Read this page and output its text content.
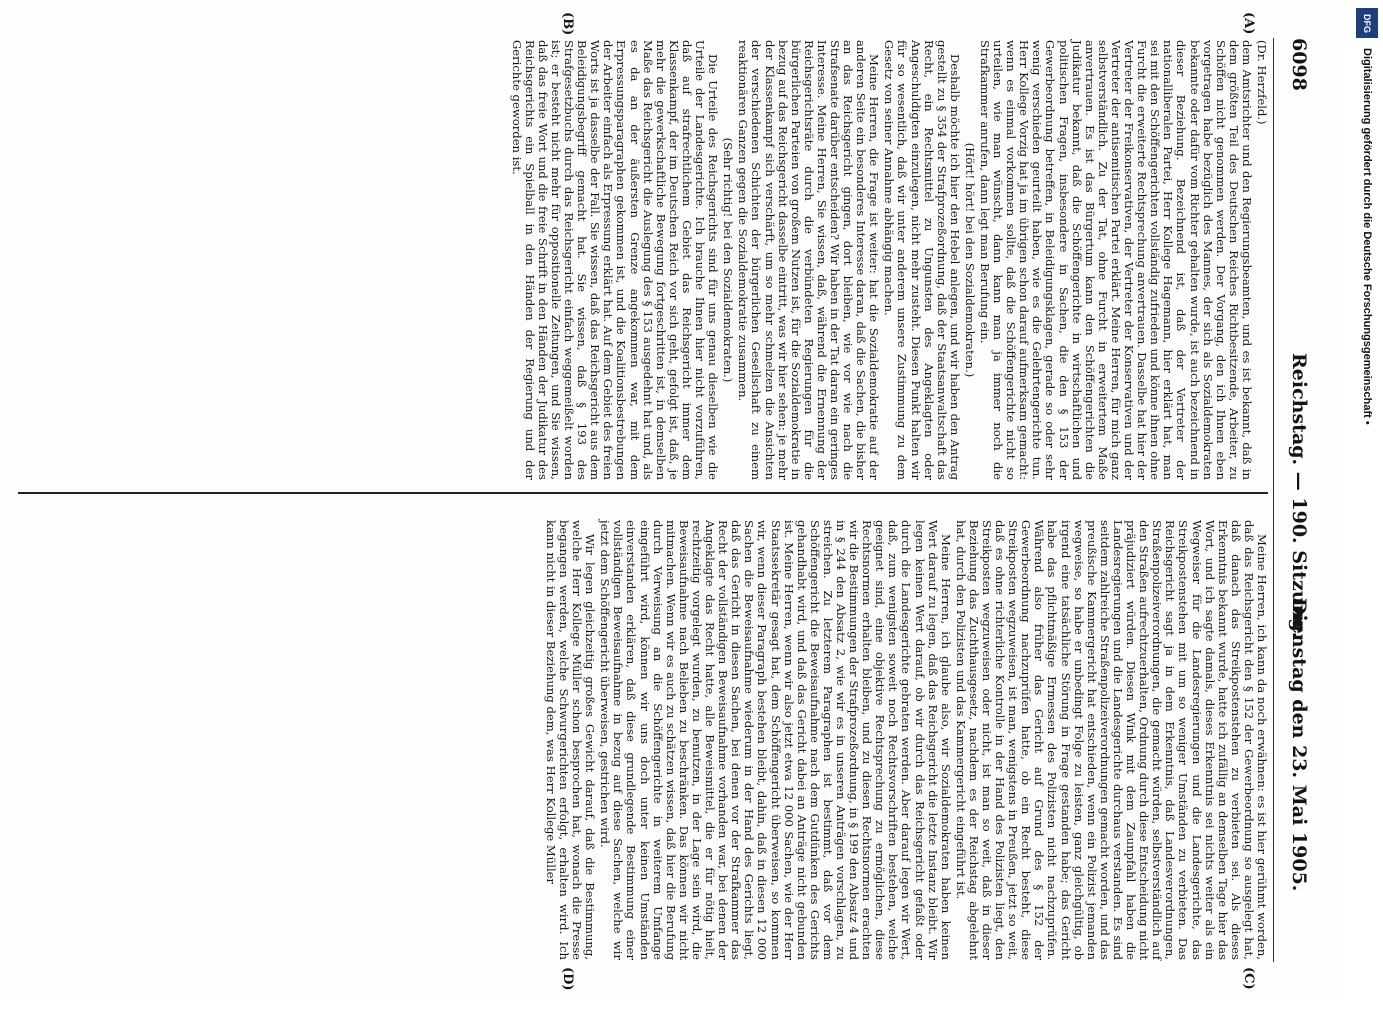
6098
Reichstag. — 190. Sitzung.
Dienstag den 23. Mai 1905.
(A)
(B)
(C)
(D)

(Dr. Herzfeld.)

dem Amtsrichter und den Regierungsbeamten, und es ist bekannt, daß in dem größten Teil des Deutschen Reiches Richtbesitzende, Arbeiter, zu Schöffen nicht genommen werden. Der Vorgang, den ich Ihnen eben vorgetragen habe bezüglich des Mannes, der sich als Sozialdemokraten bekannte oder dafür vom Richter gehalten wurde, ist auch bezeichnend in dieser Beziehung. Bezeichnend ist, daß der Vertreter der nationalliberalen Partei, Herr Kollege Hagemann, hier erklärt hat, man sei mit den Schöffengerichten vollständig zufrieden und könne ihnen ohne Furcht die erweiterte Rechtsprechung anvertrauen. Dasselbe hat hier der Vertreter der Freikonservativen, der Vertreter der Konservativen und der Vertreter der antisemitischen Partei erklärt. Meine Herren, für mich ganz selbstverständlich. Zu der Tat, ohne Furcht in erweitertem Maße anvertrauen. Es ist das Bürgertum kann den Schöffengerichten die Judikatur bekannt, daß die Schöffengerichte in wirtschaftlichen und politischen Fragen, insbesondere in Sachen, die den § 153 der Gewerbeordnung betreffen, in Beleidigungsklagen, gerade so oder sehr wenig verschieden geurteilt haben, wie es die Gelehrtengerichte tun. Herr Kollege Vorzig hat ja im übrigen schon darauf aufmerksam gemacht: wenn es einmal vorkommen sollte, daß die Schöffengerichte nicht so urteilen, wie man wünscht, dann kann man ja immer noch die Strafkammer anrufen, dann legt man Berufung ein.

(Hört! hört! bei den Sozialdemokraten.)

Deshalb möchte ich hier den Hebel anlegen, und wir haben den Antrag gestellt zu § 354 der Strafprozeßordnung, daß der Staatsanwaltschaft das Recht, ein Rechtsmittel zu Ungunsten des Angeklagten oder Angeschuldigten einzulegen, nicht mehr zusteht. Diesen Punkt halten wir für so wesentlich, daß wir unter anderem unsere Zustimmung zu dem Gesetz von seiner Annahme abhängig machen.

Meine Herren, die Frage ist weiter: hat die Sozialdemokratie auf der anderen Seite ein besonderes Interesse daran, daß die Sachen, die bisher an das Reichsgericht gingen, dort bleiben, wie vor wie nach die Strafsenate darüber entscheiden? Wir haben in der Tat daran ein geringes Interesse. Meine Herren, Sie wissen, daß, während die Ernennung der Reichsgerichtsräte durch die verbündeten Regierungen für die bürgerlichen Parteien von großem Nutzen ist, für die Sozialdemokratie in bezug auf das Reichsgericht dasselbe eintritt, was wir hier sehen: je mehr der Klassenkampf sich verschärft, um so mehr schmelzen die Ansichten der verschiedenen Schichten der bürgerlichen Gesellschaft zu einem reaktionären Ganzen gegen die Sozialdemokratie zusammen.

(Sehr richtig! bei den Sozialdemokraten.)

Die Urteile des Reichsgerichts sind für uns genau dieselben wie die Urteile der Landesgerichte. Ich brauche Ihnen hier nicht vorzuführen, daß auf strafrechtlichem Gebiet das Reichsgericht immer dem Klassenkampf, der im Deutschen Reich vor sich geht, gefolgt ist, daß, je mehr die gewerkschaftliche Bewegung fortgeschritten ist, in demselben Maße das Reichsgericht die Auslegung des § 153 ausgedehnt hat und, als es da an der äußersten Grenze angekommen war, mit dem Erpressungsparagraphen gekommen ist, und die Koalitionsbestrebungen der Arbeiter einfach als Erpressung erklärt hat. Auf dem Gebiet des freien Worts ist ja dasselbe der Fall. Sie wissen, daß das Reichsgericht aus dem Beleidigungsbegriff gemacht hat. Sie wissen, daß § 193 des Strafgesetzbuchs durch das Reichsgericht einfach weggemeißelt worden ist; er besteht nicht mehr für oppositionelle Zeitungen, und Sie wissen, daß das freie Wort und die freie Schrift in den Händen der Judikatur des Reichsgerichts ein Spielball in den Händen der Regierung und der Gerichte geworden ist.

Meine Herren, ich kann da noch erwähnen: es ist hier gerühmt worden, daß das Reichsgericht den § 152 der Gewerbeordnung so ausgelegt hat, daß danach das Streikpostenstehen zu verbieten sei. Als dieses Erkenntnis bekannt wurde, hatte ich zufällig an demselben Tage hier das Wort, und ich sagte damals, dieses Erkenntnis sei nichts weiter als ein Wegweiser für die Landesregierungen und die Landesgerichte, das Streikpostenstehen mit um so weniger Umständen zu verbieten. Das Reichsgericht sagt ja in dem Erkenntnis, daß Landesverordnungen, Straßenpolizeiverordnungen, die gemacht würden, selbstverständlich auf den Straßen aufrechtzuerhalten, Ordnung durch diese Entscheidung nicht präjudiziert würden. Diesen Wink mit dem Zaunpfahl haben die Landesregierungen und die Landesgerichte durchaus verstanden. Es sind seitdem zahlreiche Straßenpolizeiverordnungen gemacht worden, und das preußische Kammergericht hat entschieden, wenn ein Polizist jemanden wegweise, so habe er unbedingt Folge zu leisten, ganz gleichgültig, ob irgend eine tatsächliche Störung in Frage gestanden habe; das Gericht habe das pflichtmäßige Ermessen des Polizisten nicht nachzuprüfen. Während also früher das Gericht auf Grund des § 152 der Gewerbeordnung nachzuprüfen hatte, ob ein Recht besteht, diese Streikposten wegzuweisen, ist man, wenigstens in Preußen, jetzt so weit, daß es ohne richterliche Kontrolle in der Hand des Polizisten liegt, den Streikposten wegzuweisen oder nicht, ist man so weit, daß in dieser Beziehung das Zuchthausgesetz, nachdem es der Reichstag abgelehnt hat, durch den Polizisten und das Kammergericht eingeführt ist.

Meine Herren, ich glaube also, wir Sozialdemokraten haben keinen Wert darauf zu legen, daß das Reichsgericht die letzte Instanz bleibt. Wir legen keinen Wert darauf, ob wir durch das Reichsgericht gefaßt oder durch die Landesgerichte gebraten werden. Aber darauf legen wir Wert, daß, zum wenigsten soweit noch Rechtsvorschriften bestehen, welche geeignet sind, eine objektive Rechtsprechung zu ermöglichen, diese Rechtsnormen erhalten bleiben, und zu diesen Rechtsnormen erachten wir die Bestimmungen der Strafprozeßordnung, in § 199 den Absatz 4 und in § 244 den Absatz 2, wie wir es in unseren Anträgen vorschlagen, zu streichen. Zu letzterem Paragraphen ist bestimmt, daß vor dem Schöffengericht die Beweisaufnahme nach dem Gutdünken des Gerichts gehandhabt wird, und daß das Gericht dabei an Anträge nicht gebunden ist. Meine Herren, wenn wir also jetzt etwa 12 000 Sachen, wie der Herr Staatssekretär gesagt hat, dem Schöffengericht überweisen, so kommen wir, wenn dieser Paragraph bestehen bleibt, dahin, daß in diesen 12 000 Sachen die Beweisaufnahme wiederum in der Hand des Gerichts liegt, daß das Gericht in diesen Sachen, bei denen vor der Strafkammer das Recht der vollständigen Beweisaufnahme vorhanden war, bei denen der Angeklagte das Recht hatte, alle Beweismittel, die er für nötig hielt, rechtzeitig vorgelegt wurden, zu benutzen, in der Lage sein wird, die Beweisaufnahme nach Belieben zu beschränken. Das können wir nicht mitmachen. Wenn wir es auch zu schätzen wissen, daß hier die Berufung durch Verweisung an die Schöffengerichte in weiterem Umfange eingeführt wird, können wir uns doch unter keinen Umständen einverstanden erklären, daß diese grundlegende Bestimmung einer vollständigen Beweisaufnahme in bezug auf diese Sachen, welche wir jetzt dem Schöffengericht überweisen, gestrichen wird.

Wir legen gleichzeitig großes Gewicht darauf, daß die Bestimmung, welche Herr Kollege Müller schon besprochen hat, wonach die Presse begangen werden, welche Schwurgerichten erfolgt, erhalten wird. Ich kann nicht in dieser Beziehung dem, was Herr Kollege Müller

DFG
Digitalisierung gefördert durch die Deutsche Forschungsgemeinschaft •
